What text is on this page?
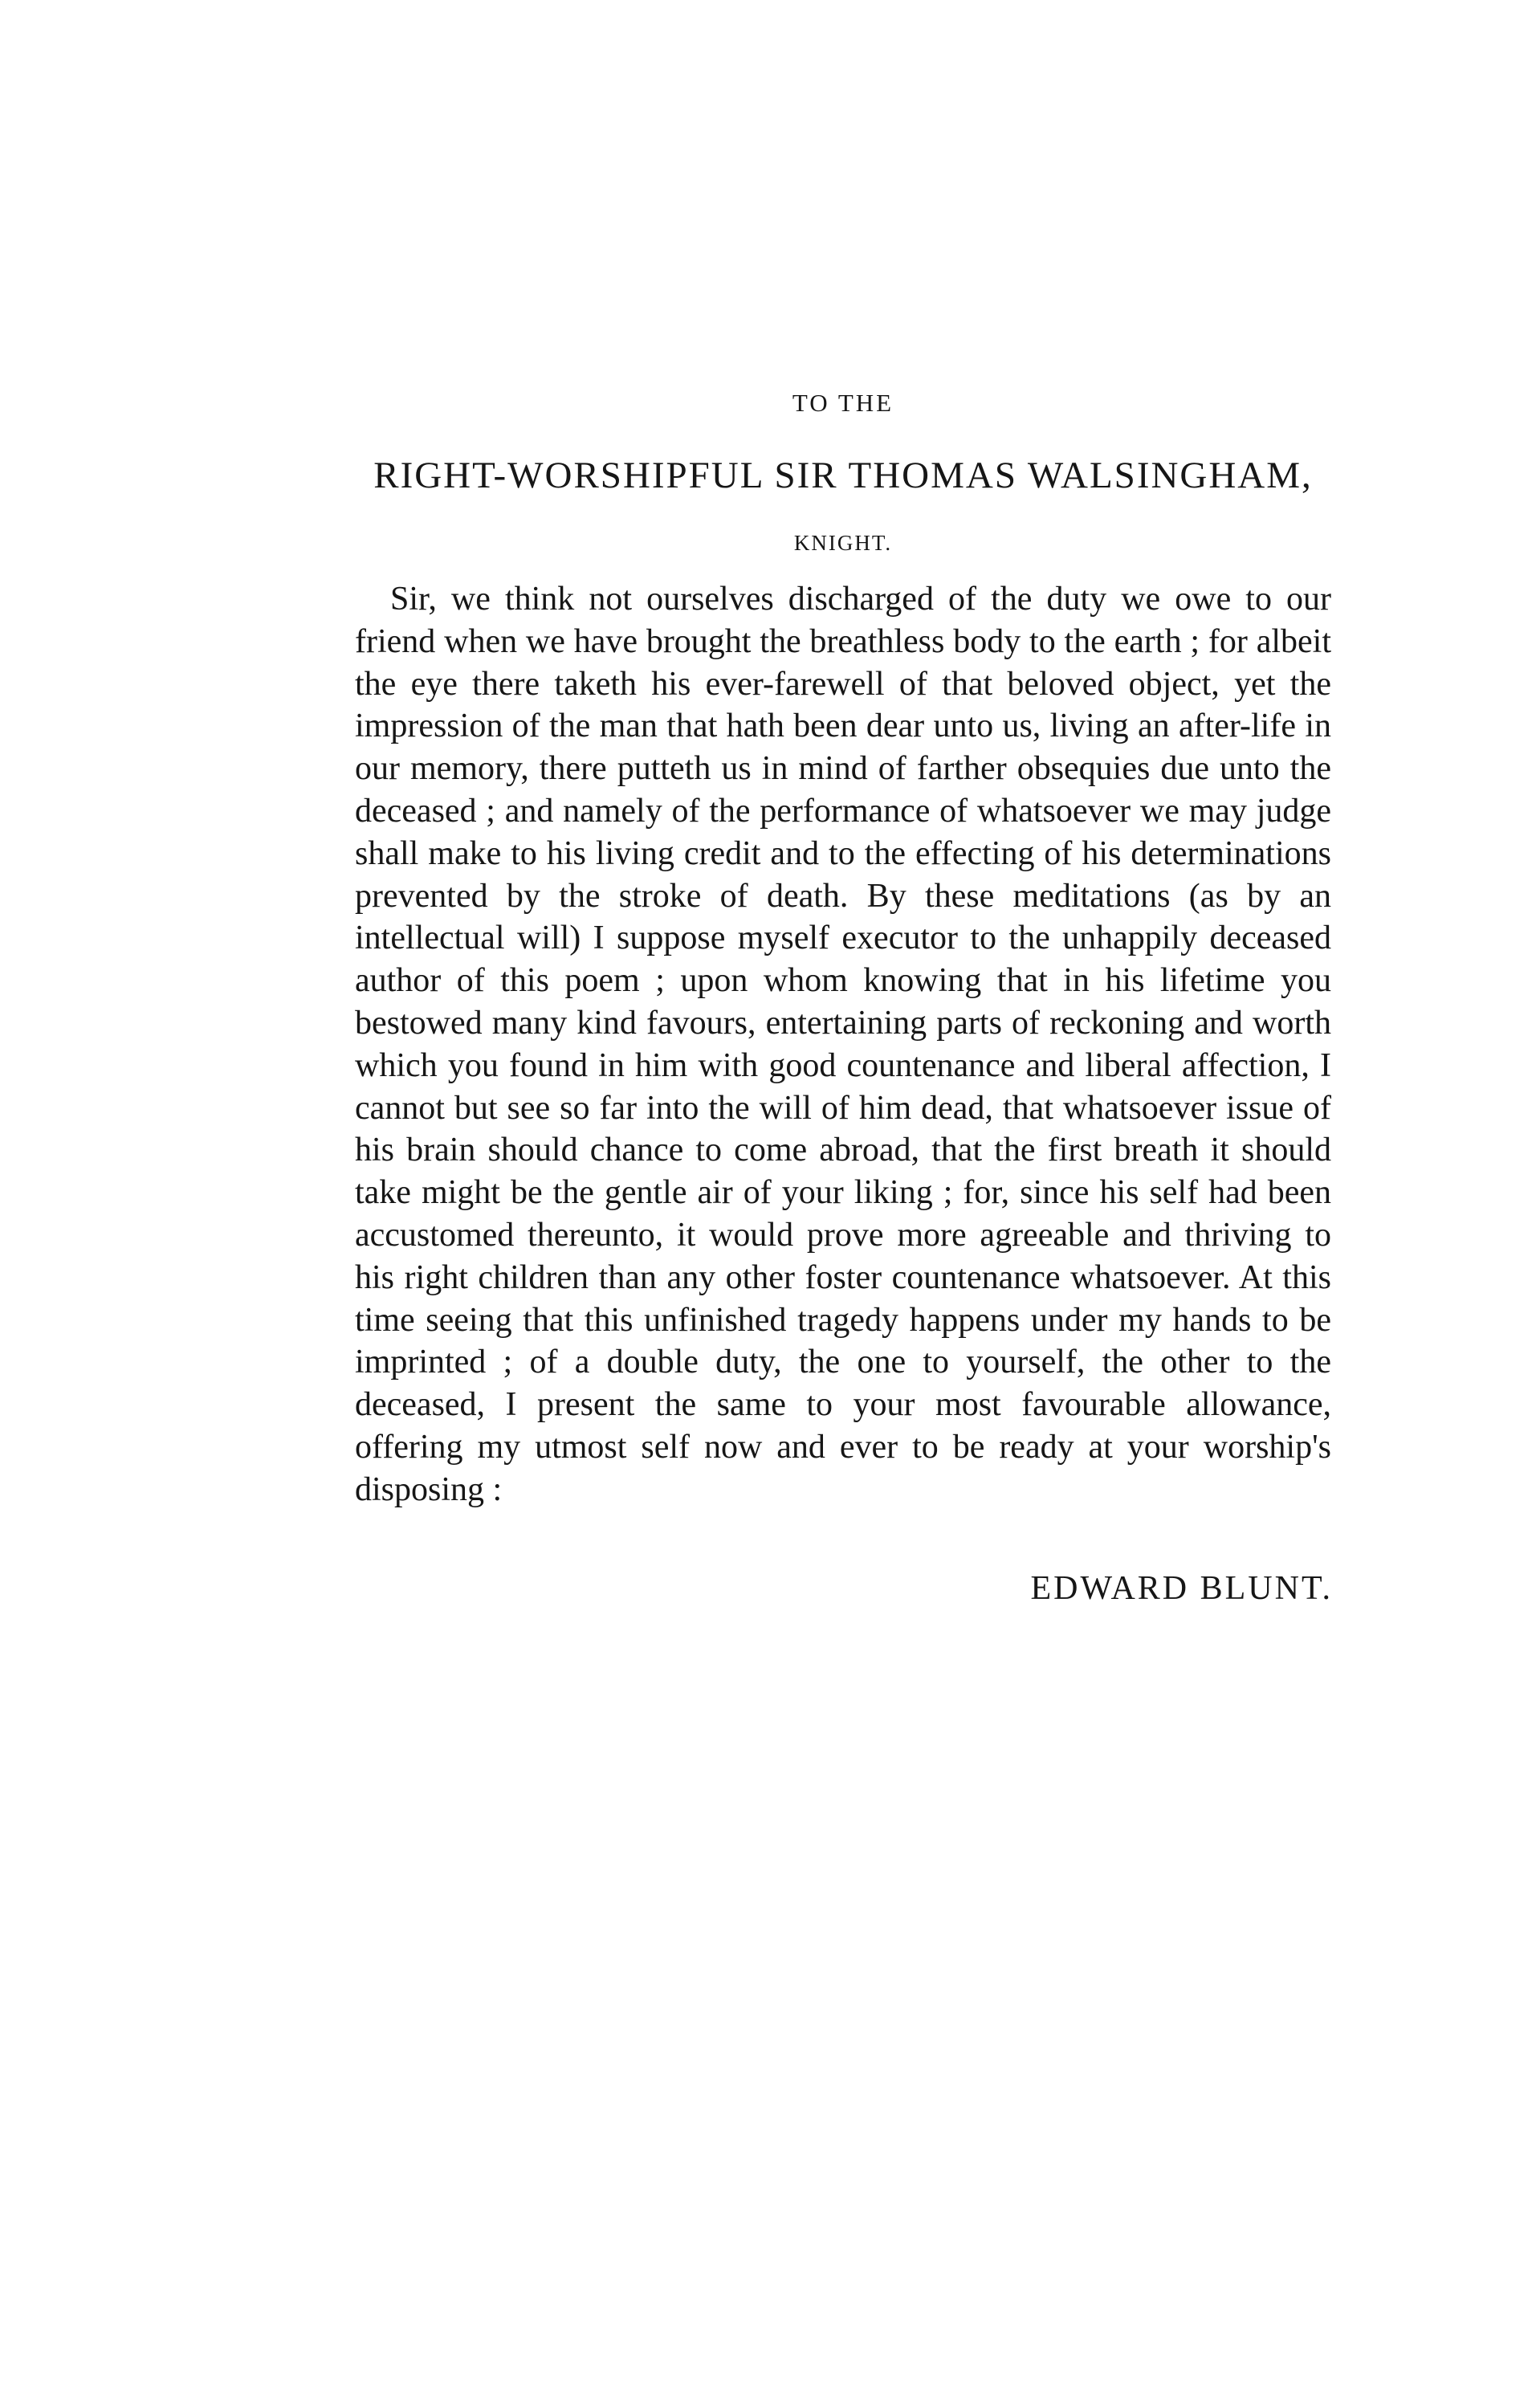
TO THE
RIGHT-WORSHIPFUL SIR THOMAS WALSINGHAM,
KNIGHT.

Sir, we think not ourselves discharged of the duty we owe to our friend when we have brought the breathless body to the earth ; for albeit the eye there taketh his ever-farewell of that beloved object, yet the impression of the man that hath been dear unto us, living an after-life in our memory, there putteth us in mind of farther obsequies due unto the deceased ; and namely of the performance of whatsoever we may judge shall make to his living credit and to the effecting of his determinations prevented by the stroke of death. By these meditations (as by an intellectual will) I suppose myself executor to the unhappily deceased author of this poem ; upon whom knowing that in his lifetime you bestowed many kind favours, entertaining parts of reckoning and worth which you found in him with good countenance and liberal affection, I cannot but see so far into the will of him dead, that whatsoever issue of his brain should chance to come abroad, that the first breath it should take might be the gentle air of your liking ; for, since his self had been accustomed thereunto, it would prove more agreeable and thriving to his right children than any other foster countenance whatsoever. At this time seeing that this unfinished tragedy happens under my hands to be imprinted ; of a double duty, the one to yourself, the other to the deceased, I present the same to your most favourable allowance, offering my utmost self now and ever to be ready at your worship's disposing :

EDWARD BLUNT.
